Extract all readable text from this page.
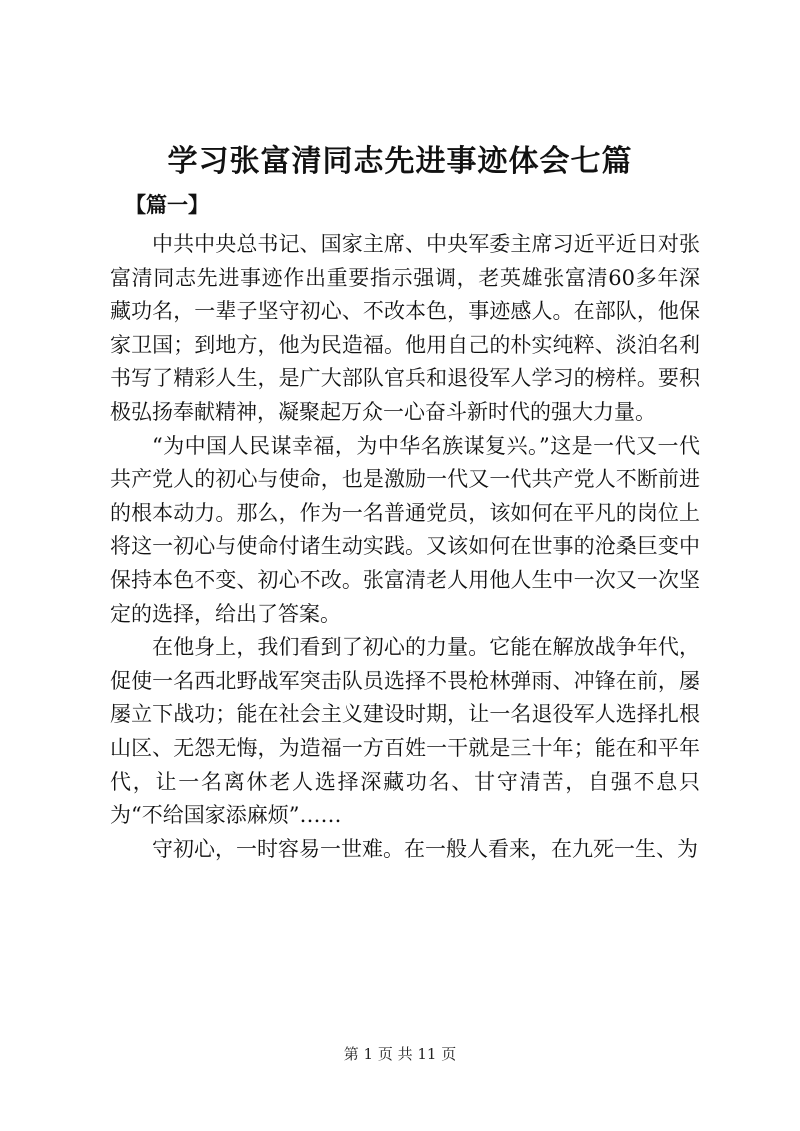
学习张富清同志先进事迹体会七篇
【篇一】

中共中央总书记、国家主席、中央军委主席习近平近日对张富清同志先进事迹作出重要指示强调，老英雄张富清60多年深藏功名，一辈子坚守初心、不改本色，事迹感人。在部队，他保家卫国；到地方，他为民造福。他用自己的朴实纯粹、淡泊名利书写了精彩人生，是广大部队官兵和退役军人学习的榜样。要积极弘扬奉献精神，凝聚起万众一心奋斗新时代的强大力量。

“为中国人民谋幸福，为中华名族谋复兴。”这是一代又一代共产党人的初心与使命，也是激励一代又一代共产党人不断前进的根本动力。那么，作为一名普通党员，该如何在平凡的岗位上将这一初心与使命付诸生动实践。又该如何在世事的沧桑巨变中保持本色不变、初心不改。张富清老人用他人生中一次又一次坚定的选择，给出了答案。

在他身上，我们看到了初心的力量。它能在解放战争年代，促使一名西北野战军突击队员选择不畏枪林弹雨、冲锋在前，屡屡立下战功；能在社会主义建设时期，让一名退役军人选择扎根山区、无怨无悔，为造福一方百姓一干就是三十年；能在和平年代，让一名离休老人选择深藏功名、甘守清苦，自强不息只为“不给国家添麻烦”……

守初心，一时容易一世难。在一般人看来，在九死一生、为

第 1 页 共 11 页
